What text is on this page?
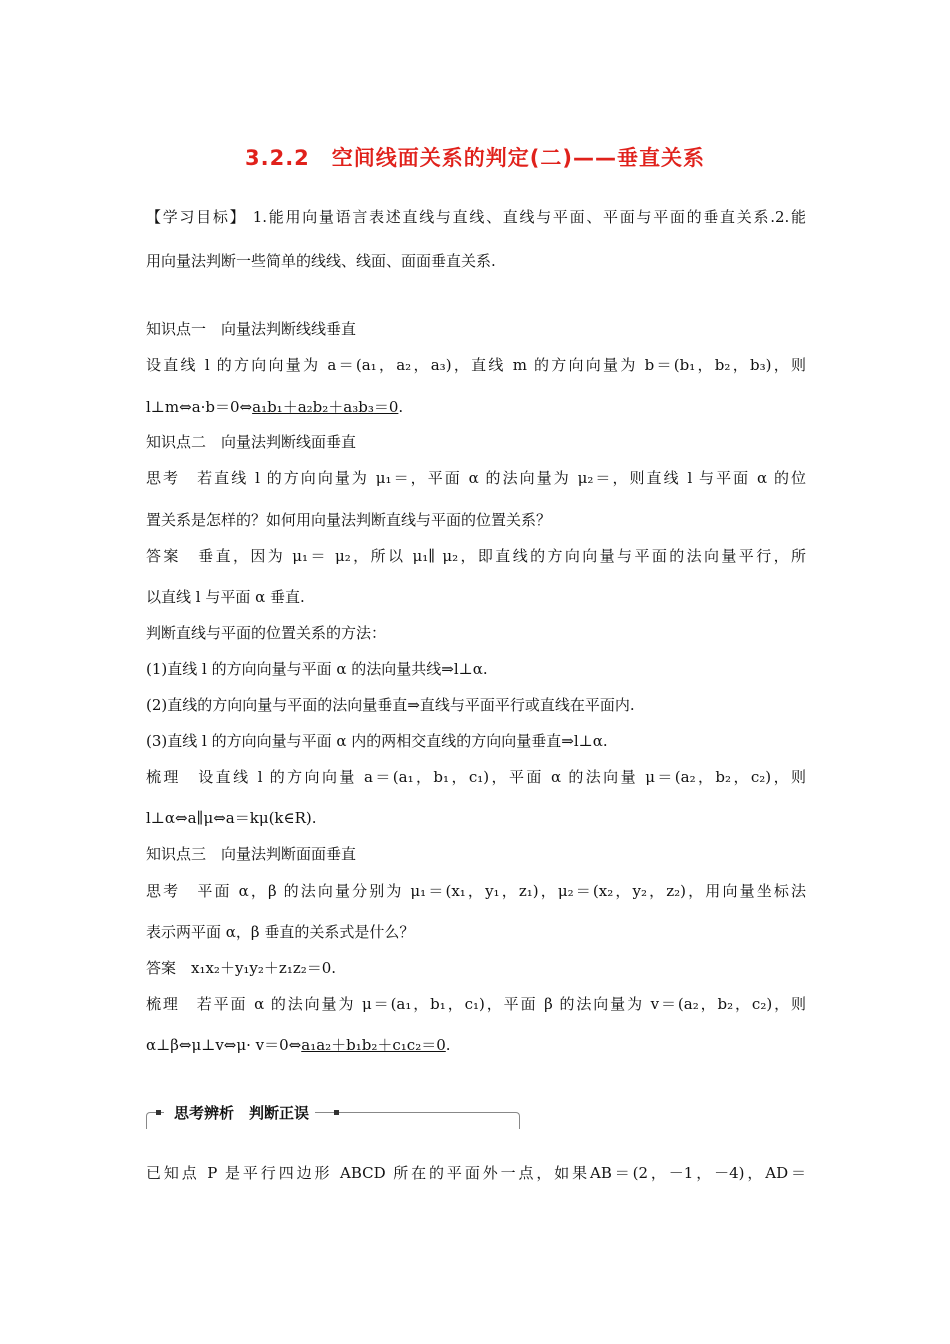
3.2.2　空间线面关系的判定(二)——垂直关系
【学习目标】 1.能用向量语言表述直线与直线、直线与平面、平面与平面的垂直关系.2.能
用向量法判断一些简单的线线、线面、面面垂直关系.
知识点一　向量法判断线线垂直
设直线 l 的方向向量为 a＝(a₁，a₂，a₃)，直线 m 的方向向量为 b＝(b₁，b₂，b₃)，则
l⊥m⇔a·b＝0⇔a₁b₁＋a₂b₂＋a₃b₃＝0.
知识点二　向量法判断线面垂直
思考　若直线 l 的方向向量为 μ₁＝，平面 α 的法向量为 μ₂＝，则直线 l 与平面 α 的位
置关系是怎样的？如何用向量法判断直线与平面的位置关系？
答案　垂直，因为 μ₁＝ μ₂，所以 μ₁∥ μ₂，即直线的方向向量与平面的法向量平行，所
以直线 l 与平面 α 垂直.
判断直线与平面的位置关系的方法：
(1)直线 l 的方向向量与平面 α 的法向量共线⇒l⊥α.
(2)直线的方向向量与平面的法向量垂直⇒直线与平面平行或直线在平面内.
(3)直线 l 的方向向量与平面 α 内的两相交直线的方向向量垂直⇒l⊥α.
梳理　设直线 l 的方向向量 a＝(a₁，b₁，c₁)，平面 α 的法向量 μ＝(a₂，b₂，c₂)，则
l⊥α⇔a∥μ⇔a＝kμ(k∈R).
知识点三　向量法判断面面垂直
思考　平面 α，β 的法向量分别为 μ₁＝(x₁，y₁，z₁)，μ₂＝(x₂，y₂，z₂)，用向量坐标法
表示两平面 α，β 垂直的关系式是什么？
答案　x₁x₂＋y₁y₂＋z₁z₂＝0.
梳理　若平面 α 的法向量为 μ＝(a₁，b₁，c₁)，平面 β 的法向量为 v＝(a₂，b₂，c₂)，则
α⊥β⇔μ⊥v⇔μ· v＝0⇔a₁a₂＋b₁b₂＋c₁c₂＝0.
思考辨析　判断正误
已知点 P 是平行四边形 ABCD 所在的平面外一点，如果AB＝(2，－1，－4)，AD＝
